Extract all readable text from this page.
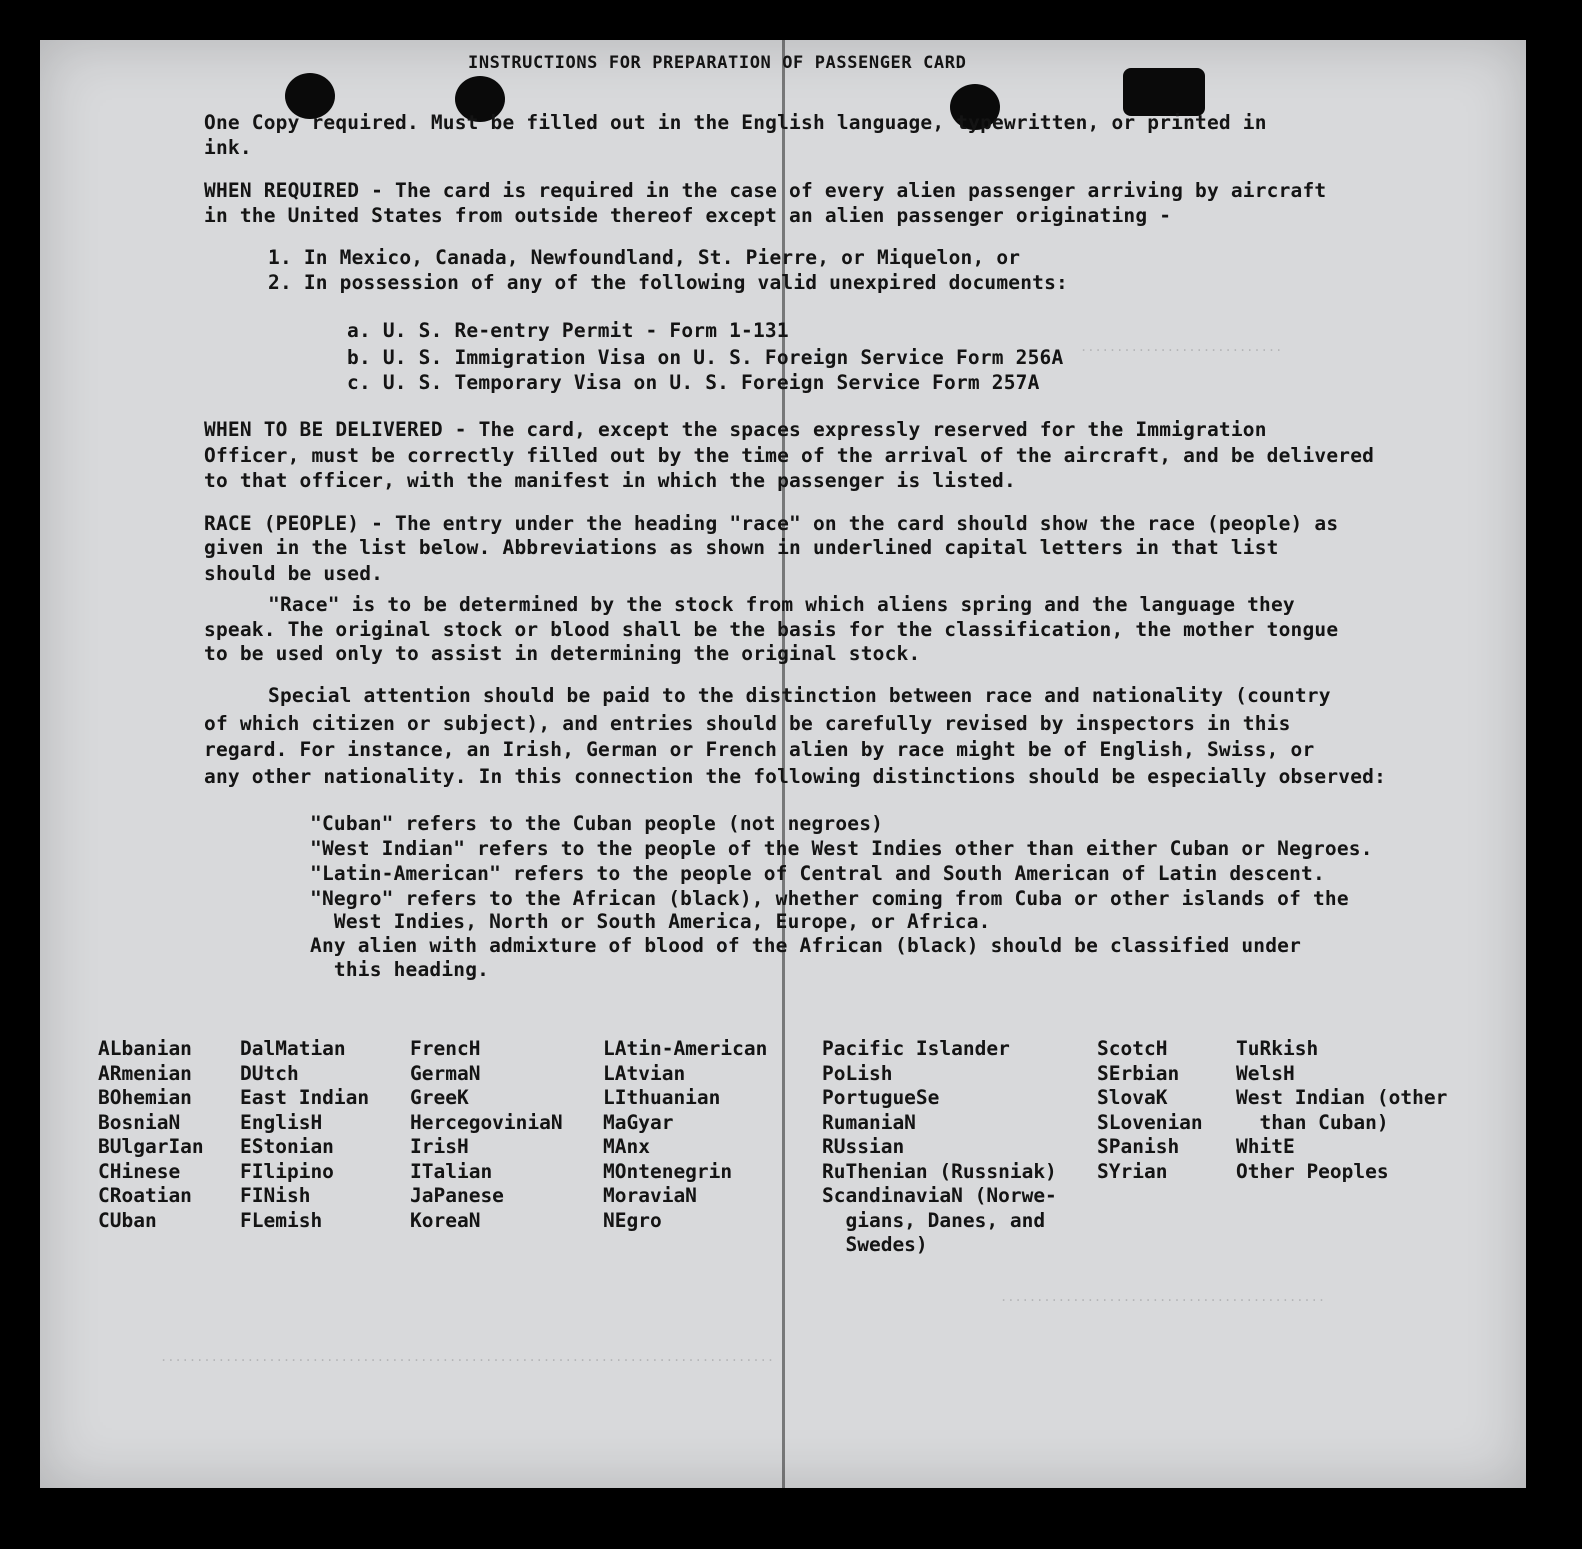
............................
INSTRUCTIONS FOR PREPARATION OF PASSENGER CARD
One Copy required. Must be filled out in the English language, typewritten, or printed in
ink.
WHEN REQUIRED - The card is required in the case of every alien passenger arriving by aircraft
in the United States from outside thereof except an alien passenger originating -
1. In Mexico, Canada, Newfoundland, St. Pierre, or Miquelon, or
2. In possession of any of the following valid unexpired documents:
a. U. S. Re-entry Permit - Form 1-131
b. U. S. Immigration Visa on U. S. Foreign Service Form 256A
c. U. S. Temporary Visa on U. S. Foreign Service Form 257A
WHEN TO BE DELIVERED - The card, except the spaces expressly reserved for the Immigration
Officer, must be correctly filled out by the time of the arrival of the aircraft, and be delivered
to that officer, with the manifest in which the passenger is listed.
RACE (PEOPLE) - The entry under the heading "race" on the card should show the race (people) as
given in the list below. Abbreviations as shown in underlined capital letters in that list
should be used.
"Race" is to be determined by the stock from which aliens spring and the language they
speak. The original stock or blood shall be the basis for the classification, the mother tongue
to be used only to assist in determining the original stock.
Special attention should be paid to the distinction between race and nationality (country
of which citizen or subject), and entries should be carefully revised by inspectors in this
regard. For instance, an Irish, German or French alien by race might be of English, Swiss, or
any other nationality. In this connection the following distinctions should be especially observed:
"Cuban" refers to the Cuban people (not negroes)
"West Indian" refers to the people of the West Indies other than either Cuban or Negroes.
"Latin-American" refers to the people of Central and South American of Latin descent.
"Negro" refers to the African (black), whether coming from Cuba or other islands of the
West Indies, North or South America, Europe, or Africa.
Any alien with admixture of blood of the African (black) should be classified under
this heading.
ALbanian
ARmenian
BOhemian
BosniaN
BUlgarIan
CHinese
CRoatian
CUban
DalMatian
DUtch
East Indian
EnglisH
EStonian
FIlipino
FINish
FLemish
FrencH
GermaN
GreeK
HercegoviniaN
IrisH
ITalian
JaPanese
KoreaN
LAtin-American
LAtvian
LIthuanian
MaGyar
MAnx
MOntenegrin
MoraviaN
NEgro
Pacific Islander
PoLish
PortugueSe
RumaniaN
RUssian
RuThenian (Russniak)
ScandinaviaN (Norwe-
gians, Danes, and
Swedes)
ScotcH
SErbian
SlovaK
SLovenian
SPanish
SYrian
TuRkish
WelsH
West Indian (other
than Cuban)
WhitE
Other Peoples
.............................................
.....................................................................................
